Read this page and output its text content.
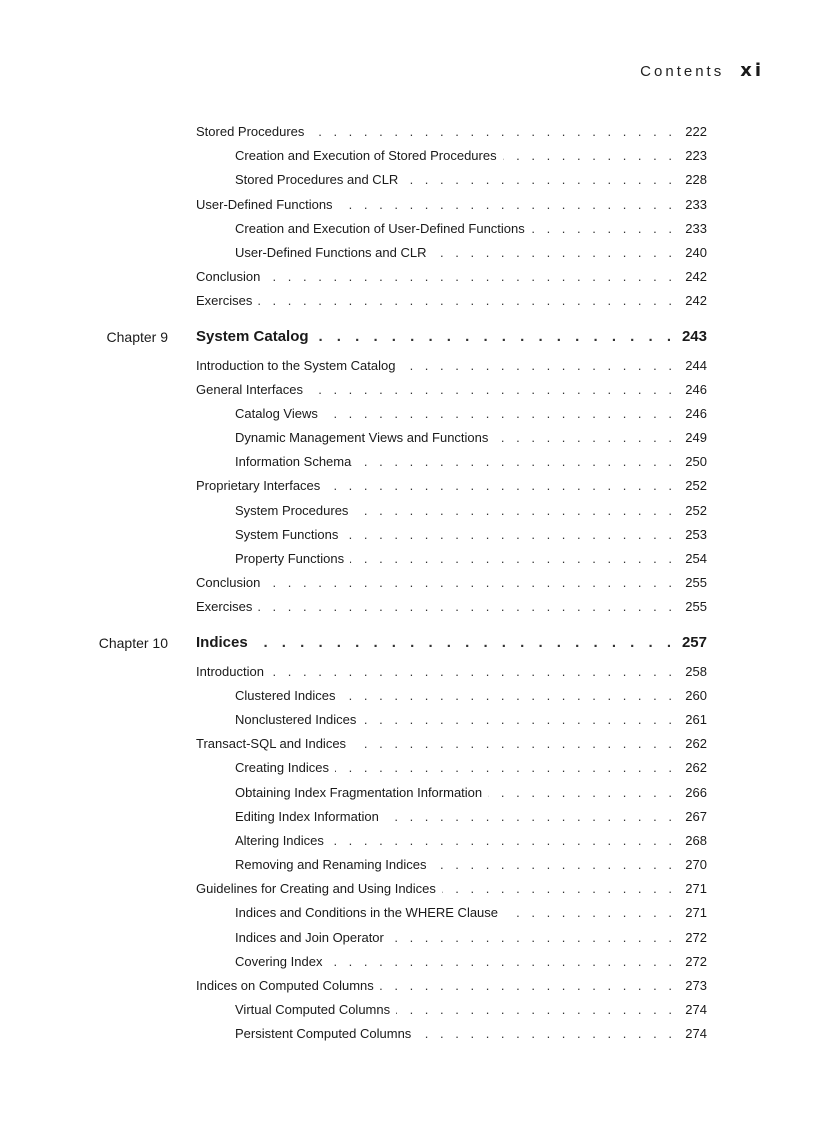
Contents xi
Stored Procedures . . .	222
Creation and Execution of Stored Procedures . . .	223
Stored Procedures and CLR . . .	228
User-Defined Functions . . .	233
Creation and Execution of User-Defined Functions . . .	233
User-Defined Functions and CLR . . .	240
Conclusion . . .	242
Exercises . . .	242
Chapter 9 System Catalog . . .	243
Introduction to the System Catalog . . .	244
General Interfaces . . .	246
Catalog Views . . .	246
Dynamic Management Views and Functions . . .	249
Information Schema . . .	250
Proprietary Interfaces . . .	252
System Procedures . . .	252
System Functions . . .	253
Property Functions . . .	254
Conclusion . . .	255
Exercises . . .	255
Chapter 10 Indices . . .	257
Introduction . . .	258
Clustered Indices . . .	260
Nonclustered Indices . . .	261
Transact-SQL and Indices . . .	262
Creating Indices . . .	262
Obtaining Index Fragmentation Information . . .	266
Editing Index Information . . .	267
Altering Indices . . .	268
Removing and Renaming Indices . . .	270
Guidelines for Creating and Using Indices . . .	271
Indices and Conditions in the WHERE Clause . . .	271
Indices and Join Operator . . .	272
Covering Index . . .	272
Indices on Computed Columns . . .	273
Virtual Computed Columns . . .	274
Persistent Computed Columns . . .	274
